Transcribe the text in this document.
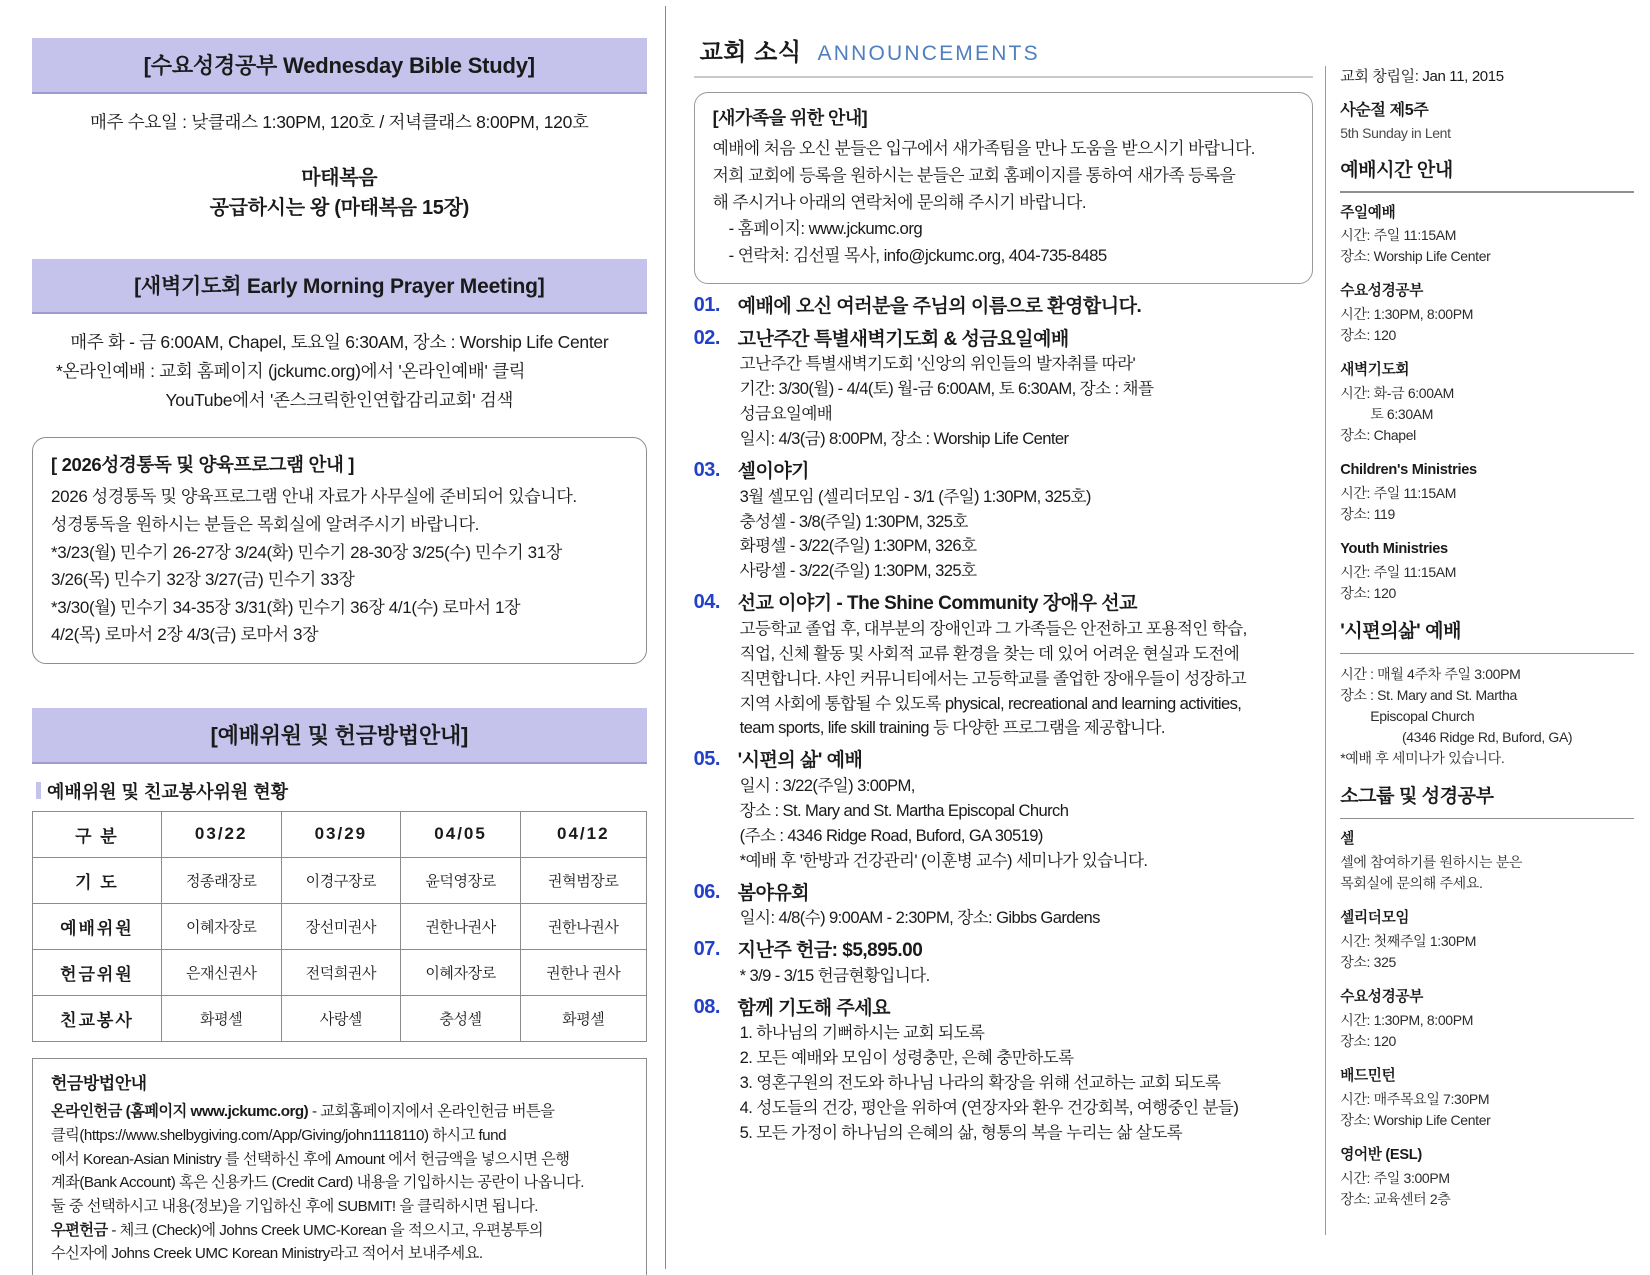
[수요성경공부 Wednesday Bible Study]
매주 수요일 : 낮클래스 1:30PM, 120호 / 저녁클래스 8:00PM, 120호
마태복음
공급하시는 왕 (마태복음 15장)
[새벽기도회 Early Morning Prayer Meeting]
매주 화 - 금 6:00AM, Chapel, 토요일 6:30AM, 장소 : Worship Life Center
*온라인예배 : 교회 홈페이지 (jckumc.org)에서 '온라인예배' 클릭
YouTube에서 '존스크릭한인연합감리교회' 검색
[ 2026성경통독 및 양육프로그램 안내 ]
2026 성경통독 및 양육프로그램 안내 자료가 사무실에 준비되어 있습니다.
성경통독을 원하시는 분들은 목회실에 알려주시기 바랍니다.
*3/23(월) 민수기 26-27장 3/24(화) 민수기 28-30장 3/25(수) 민수기 31장
3/26(목) 민수기 32장 3/27(금) 민수기 33장
*3/30(월) 민수기 34-35장 3/31(화) 민수기 36장 4/1(수) 로마서 1장
4/2(목) 로마서 2장 4/3(금) 로마서 3장
[예배위원 및 헌금방법안내]
예배위원 및 친교봉사위원 현황
구 분	03/22	03/29	04/05	04/12
기 도	정종래장로	이경구장로	윤덕영장로	권혁범장로
예배위원	이혜자장로	장선미권사	권한나권사	권한나권사
헌금위원	은재신권사	전덕희권사	이혜자장로	권한나 권사
친교봉사	화평셀	사랑셀	충성셀	화평셀
헌금방법안내
온라인헌금 (홈페이지 www.jckumc.org) - 교회홈페이지에서 온라인헌금 버튼을
클릭(https://www.shelbygiving.com/App/Giving/john1118110) 하시고 fund
에서 Korean-Asian Ministry 를 선택하신 후에 Amount 에서 헌금액을 넣으시면 은행
계좌(Bank Account) 혹은 신용카드 (Credit Card) 내용을 기입하시는 공란이 나옵니다.
둘 중 선택하시고 내용(정보)을 기입하신 후에 SUBMIT! 을 클릭하시면 됩니다.
우편헌금 - 체크 (Check)에 Johns Creek UMC-Korean 을 적으시고, 우편봉투의
수신자에 Johns Creek UMC Korean Ministry라고 적어서 보내주세요.
교회 소식 ANNOUNCEMENTS
[새가족을 위한 안내]
예배에 처음 오신 분들은 입구에서 새가족팀을 만나 도움을 받으시기 바랍니다.
저희 교회에 등록을 원하시는 분들은 교회 홈페이지를 통하여 새가족 등록을
해 주시거나 아래의 연락처에 문의해 주시기 바랍니다.
- 홈페이지: www.jckumc.org
- 연락처: 김선필 목사, info@jckumc.org, 404-735-8485
01. 예배에 오신 여러분을 주님의 이름으로 환영합니다.
02. 고난주간 특별새벽기도회 & 성금요일예배
고난주간 특별새벽기도회 '신앙의 위인들의 발자취를 따라'
기간: 3/30(월) - 4/4(토) 월-금 6:00AM, 토 6:30AM, 장소 : 채플
성금요일예배
일시: 4/3(금) 8:00PM, 장소 : Worship Life Center
03. 셀이야기
3월 셀모임 (셀리더모임 - 3/1 (주일) 1:30PM, 325호)
충성셀 - 3/8(주일) 1:30PM, 325호
화평셀 - 3/22(주일) 1:30PM, 326호
사랑셀 - 3/22(주일) 1:30PM, 325호
04. 선교 이야기 - The Shine Community 장애우 선교
고등학교 졸업 후, 대부분의 장애인과 그 가족들은 안전하고 포용적인 학습,
직업, 신체 활동 및 사회적 교류 환경을 찾는 데 있어 어려운 현실과 도전에
직면합니다. 샤인 커뮤니티에서는 고등학교를 졸업한 장애우들이 성장하고
지역 사회에 통합될 수 있도록 physical, recreational and learning activities,
team sports, life skill training 등 다양한 프로그램을 제공합니다.
05. '시편의 삶' 예배
일시 : 3/22(주일) 3:00PM,
장소 : St. Mary and St. Martha Episcopal Church
(주소 : 4346 Ridge Road, Buford, GA 30519)
*예배 후 '한방과 건강관리' (이훈병 교수) 세미나가 있습니다.
06. 봄야유회
일시: 4/8(수) 9:00AM - 2:30PM, 장소: Gibbs Gardens
07. 지난주 헌금: $5,895.00
* 3/9 - 3/15 헌금현황입니다.
08. 함께 기도해 주세요
1. 하나님의 기뻐하시는 교회 되도록
2. 모든 예배와 모임이 성령충만, 은혜 충만하도록
3. 영혼구원의 전도와 하나님 나라의 확장을 위해 선교하는 교회 되도록
4. 성도들의 건강, 평안을 위하여 (연장자와 환우 건강회복, 여행중인 분들)
5. 모든 가정이 하나님의 은혜의 삶, 형통의 복을 누리는 삶 살도록
교회 창립일: Jan 11, 2015
사순절 제5주
5th Sunday in Lent
예배시간 안내
주일예배
시간: 주일 11:15AM
장소: Worship Life Center
수요성경공부
시간: 1:30PM, 8:00PM
장소: 120
새벽기도회
시간: 화-금 6:00AM
토 6:30AM
장소: Chapel
Children's Ministries
시간: 주일 11:15AM
장소: 119
Youth Ministries
시간: 주일 11:15AM
장소: 120
'시편의삶' 예배
시간 : 매월 4주차 주일 3:00PM
장소 : St. Mary and St. Martha
Episcopal Church
(4346 Ridge Rd, Buford, GA)
*예배 후 세미나가 있습니다.
소그룹 및 성경공부
셀
셀에 참여하기를 원하시는 분은
목회실에 문의해 주세요.
셀리더모임
시간: 첫째주일 1:30PM
장소: 325
수요성경공부
시간: 1:30PM, 8:00PM
장소: 120
배드민턴
시간: 매주목요일 7:30PM
장소: Worship Life Center
영어반 (ESL)
시간: 주일 3:00PM
장소: 교육센터 2층
